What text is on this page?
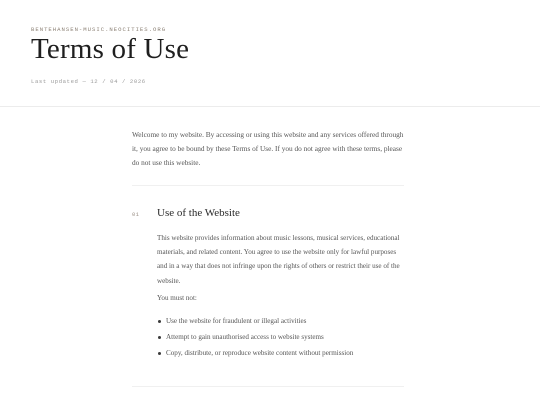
BENTEHANSEN-MUSIC.NEOCITIES.ORG
Terms of Use
Last updated — 12 / 04 / 2026

Welcome to my website. By accessing or using this website and any services offered through it, you agree to be bound by these Terms of Use. If you do not agree with these terms, please do not use this website.

01 Use of the Website

This website provides information about music lessons, musical services, educational materials, and related content. You agree to use the website only for lawful purposes and in a way that does not infringe upon the rights of others or restrict their use of the website.

You must not:

Use the website for fraudulent or illegal activities
Attempt to gain unauthorised access to website systems
Copy, distribute, or reproduce website content without permission
